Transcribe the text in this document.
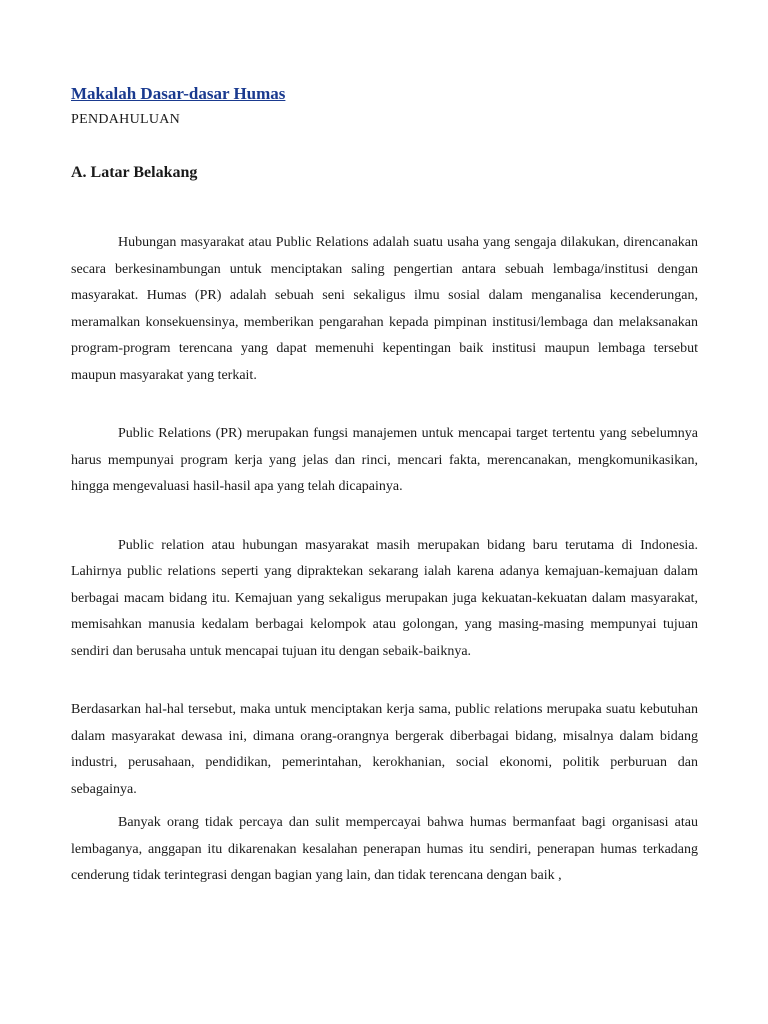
Makalah Dasar-dasar Humas
PENDAHULUAN
A. Latar Belakang

Hubungan masyarakat atau Public Relations adalah suatu usaha yang sengaja dilakukan, direncanakan secara berkesinambungan untuk menciptakan saling pengertian antara sebuah lembaga/institusi dengan masyarakat. Humas (PR) adalah sebuah seni sekaligus ilmu sosial dalam menganalisa kecenderungan, meramalkan konsekuensinya, memberikan pengarahan kepada pimpinan institusi/lembaga dan melaksanakan program-program terencana yang dapat memenuhi kepentingan baik institusi maupun lembaga tersebut maupun masyarakat yang terkait.

Public Relations (PR) merupakan fungsi manajemen untuk mencapai target tertentu yang sebelumnya harus mempunyai program kerja yang jelas dan rinci, mencari fakta, merencanakan, mengkomunikasikan, hingga mengevaluasi hasil-hasil apa yang telah dicapainya.

Public relation atau hubungan masyarakat masih merupakan bidang baru terutama di Indonesia. Lahirnya public relations seperti yang dipraktekan sekarang ialah karena adanya kemajuan-kemajuan dalam berbagai macam bidang itu. Kemajuan yang sekaligus merupakan juga kekuatan-kekuatan dalam masyarakat, memisahkan manusia kedalam berbagai kelompok atau golongan, yang masing-masing mempunyai tujuan sendiri dan berusaha untuk mencapai tujuan itu dengan sebaik-baiknya.

Berdasarkan hal-hal tersebut, maka untuk menciptakan kerja sama, public relations merupaka suatu kebutuhan dalam masyarakat dewasa ini, dimana orang-orangnya bergerak diberbagai bidang, misalnya dalam bidang industri, perusahaan, pendidikan, pemerintahan, kerokhanian, social ekonomi, politik perburuan dan sebagainya.

Banyak orang tidak percaya dan sulit mempercayai bahwa humas bermanfaat bagi organisasi atau lembaganya, anggapan itu dikarenakan kesalahan penerapan humas itu sendiri, penerapan humas terkadang cenderung tidak terintegrasi dengan bagian yang lain, dan tidak terencana dengan baik ,
